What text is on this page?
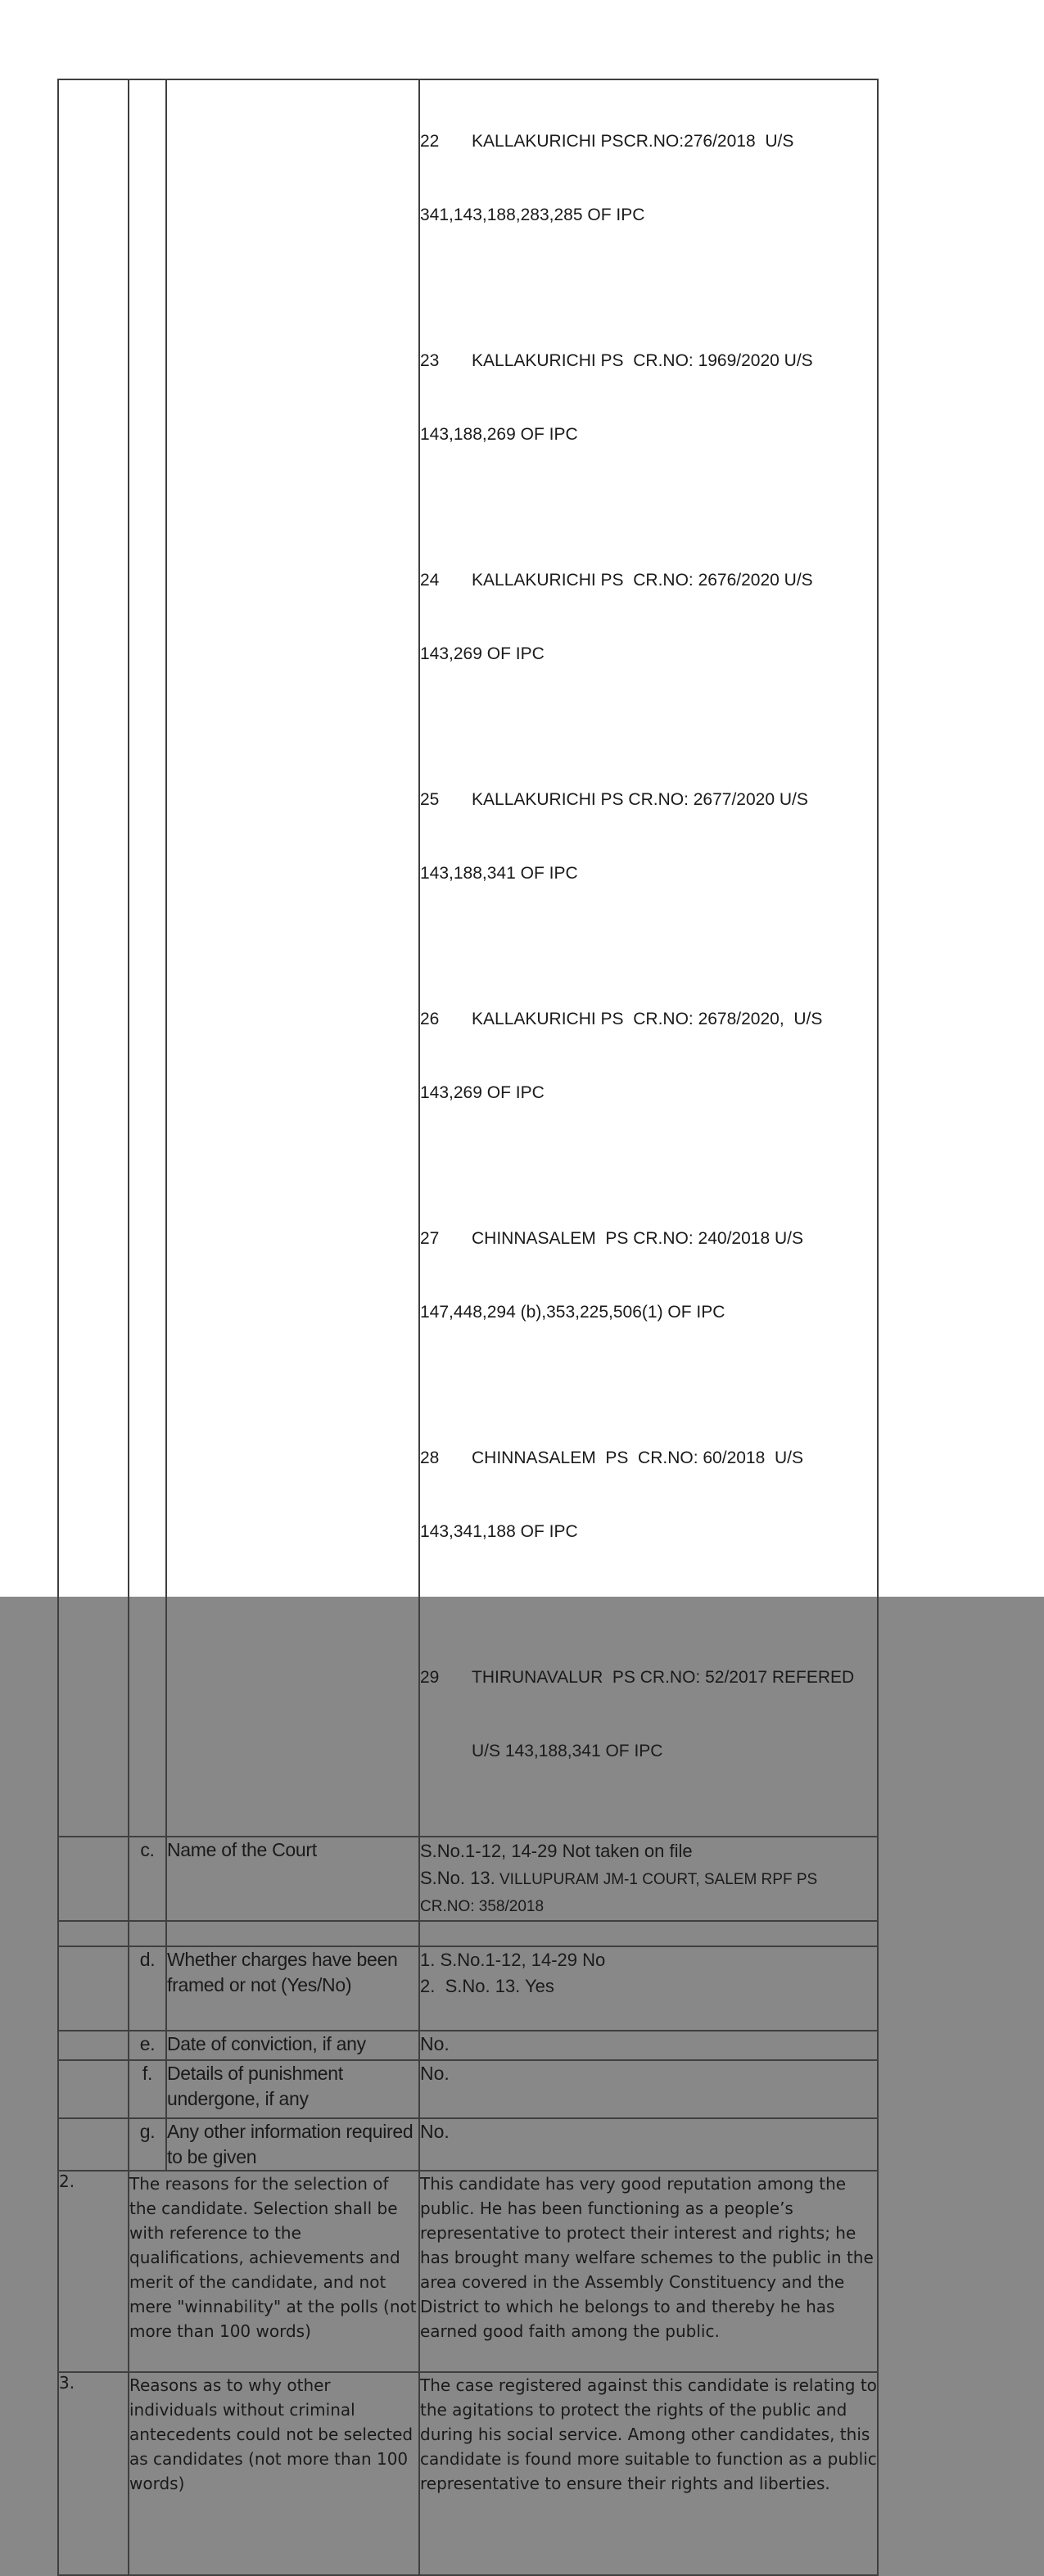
22 KALLAKURICHI PSCR.NO:276/2018  U/S

341,143,188,283,285 OF IPC

23 KALLAKURICHI PS  CR.NO: 1969/2020 U/S

143,188,269 OF IPC

24 KALLAKURICHI PS  CR.NO: 2676/2020 U/S

143,269 OF IPC

25 KALLAKURICHI PS CR.NO: 2677/2020 U/S

143,188,341 OF IPC

26 KALLAKURICHI PS  CR.NO: 2678/2020,  U/S

143,269 OF IPC

27 CHINNASALEM  PS CR.NO: 240/2018 U/S

147,448,294 (b),353,225,506(1) OF IPC

28 CHINNASALEM  PS  CR.NO: 60/2018  U/S

143,341,188 OF IPC

29 THIRUNAVALUR  PS CR.NO: 52/2017 REFERED

U/S 143,188,341 OF IPC

	c.	Name of the Court	S.No.1-12, 14-29 Not taken on file
S.No. 13. VILLUPURAM JM-1 COURT, SALEM RPF PS
CR.NO: 358/2018

	d.	Whether charges have been framed or not (Yes/No)	1. S.No.1-12, 14-29 No
2.  S.No. 13. Yes

	e.	Date of conviction, if any	No.

	f.	Details of punishment undergone, if any	No.

	g.	Any other information required to be given	No.

2.	The reasons for the selection of the candidate. Selection shall be with reference to the qualifications, achievements and merit of the candidate, and not mere "winnability" at the polls (not more than 100 words)	This candidate has very good reputation among the public. He has been functioning as a people’s representative to protect their interest and rights; he has brought many welfare schemes to the public in the area covered in the Assembly Constituency and the District to which he belongs to and thereby he has earned good faith among the public.
3.	Reasons as to why other individuals without criminal antecedents could not be selected as candidates (not more than 100 words)		The case registered against this candidate is relating to the agitations to protect the rights of the public and during his social service. Among other candidates, this candidate is found more suitable to function as a public representative to ensure their rights and liberties.
